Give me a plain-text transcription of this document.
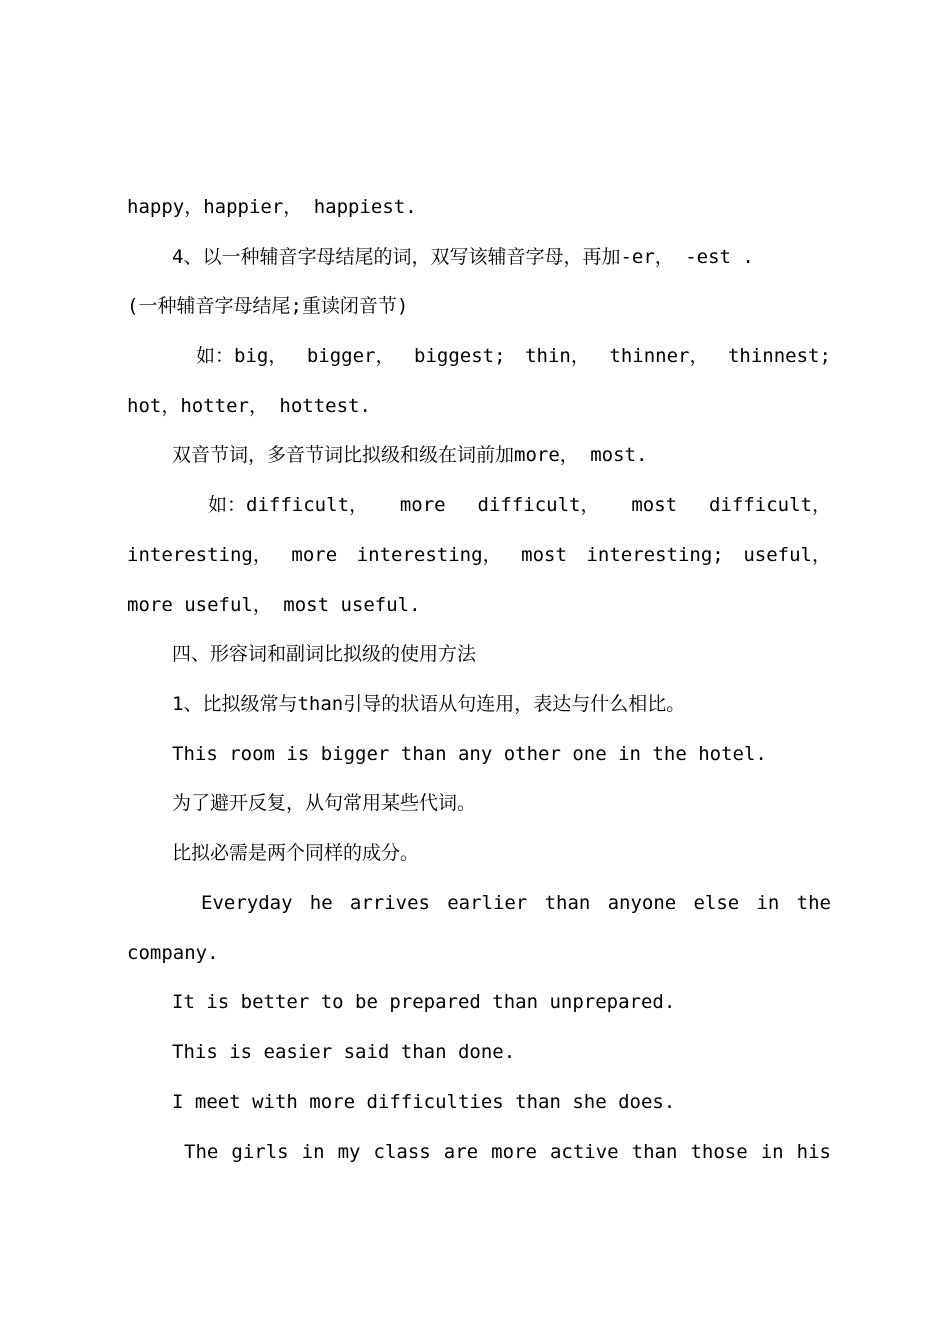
happy，happier， happiest.
4、以一种辅音字母结尾的词，双写该辅音字母，再加-er， -est .
(一种辅音字母结尾;重读闭音节)
如：big， bigger， biggest; thin， thinner， thinnest;
hot，hotter， hottest.
双音节词，多音节词比拟级和级在词前加more， most.
如：difficult， more difficult， most difficult，
interesting， more interesting， most interesting; useful，
more useful， most useful.
四、形容词和副词比拟级的使用方法
1、比拟级常与than引导的状语从句连用，表达与什么相比。
This room is bigger than any other one in the hotel.
为了避开反复，从句常用某些代词。
比拟必需是两个同样的成分。
Everyday he arrives earlier than anyone else in the
company.
It is better to be prepared than unprepared.
This is easier said than done.
I meet with more difficulties than she does.
The girls in my class are more active than those in his
